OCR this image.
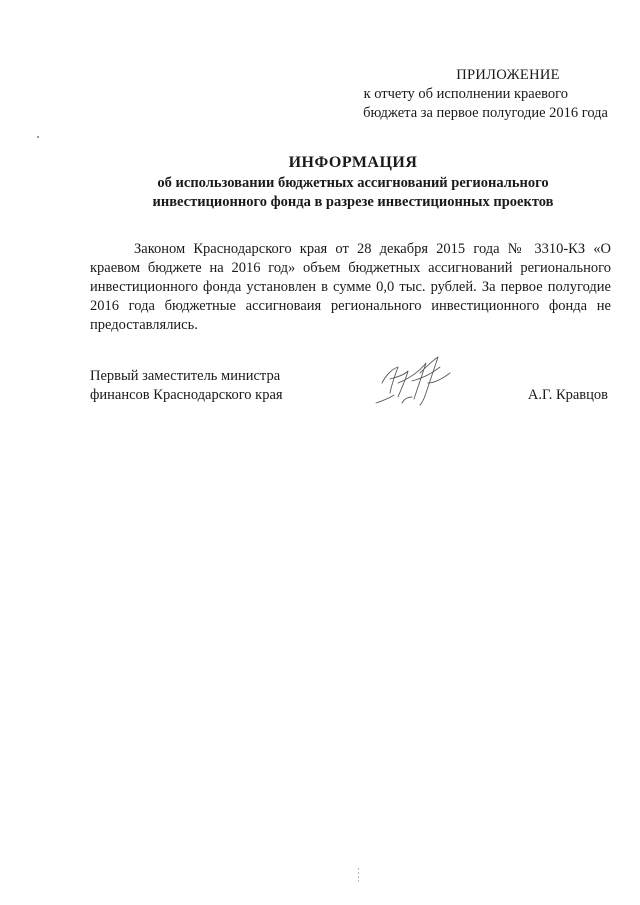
ПРИЛОЖЕНИЕ
к отчету об исполнении краевого
бюджета за первое полугодие 2016 года
ИНФОРМАЦИЯ
об использовании бюджетных ассигнований регионального
инвестиционного фонда в разрезе инвестиционных проектов

Законом Краснодарского края от 28 декабря 2015 года № 3310-КЗ «О краевом бюджете на 2016 год» объем бюджетных ассигнований регионального инвестиционного фонда установлен в сумме 0,0 тыс. рублей. За первое полугодие 2016 года бюджетные ассигноваия регионального инвестиционного фонда не предоставлялись.

Первый заместитель министра
финансов Краснодарского края	А.Г. Кравцов
